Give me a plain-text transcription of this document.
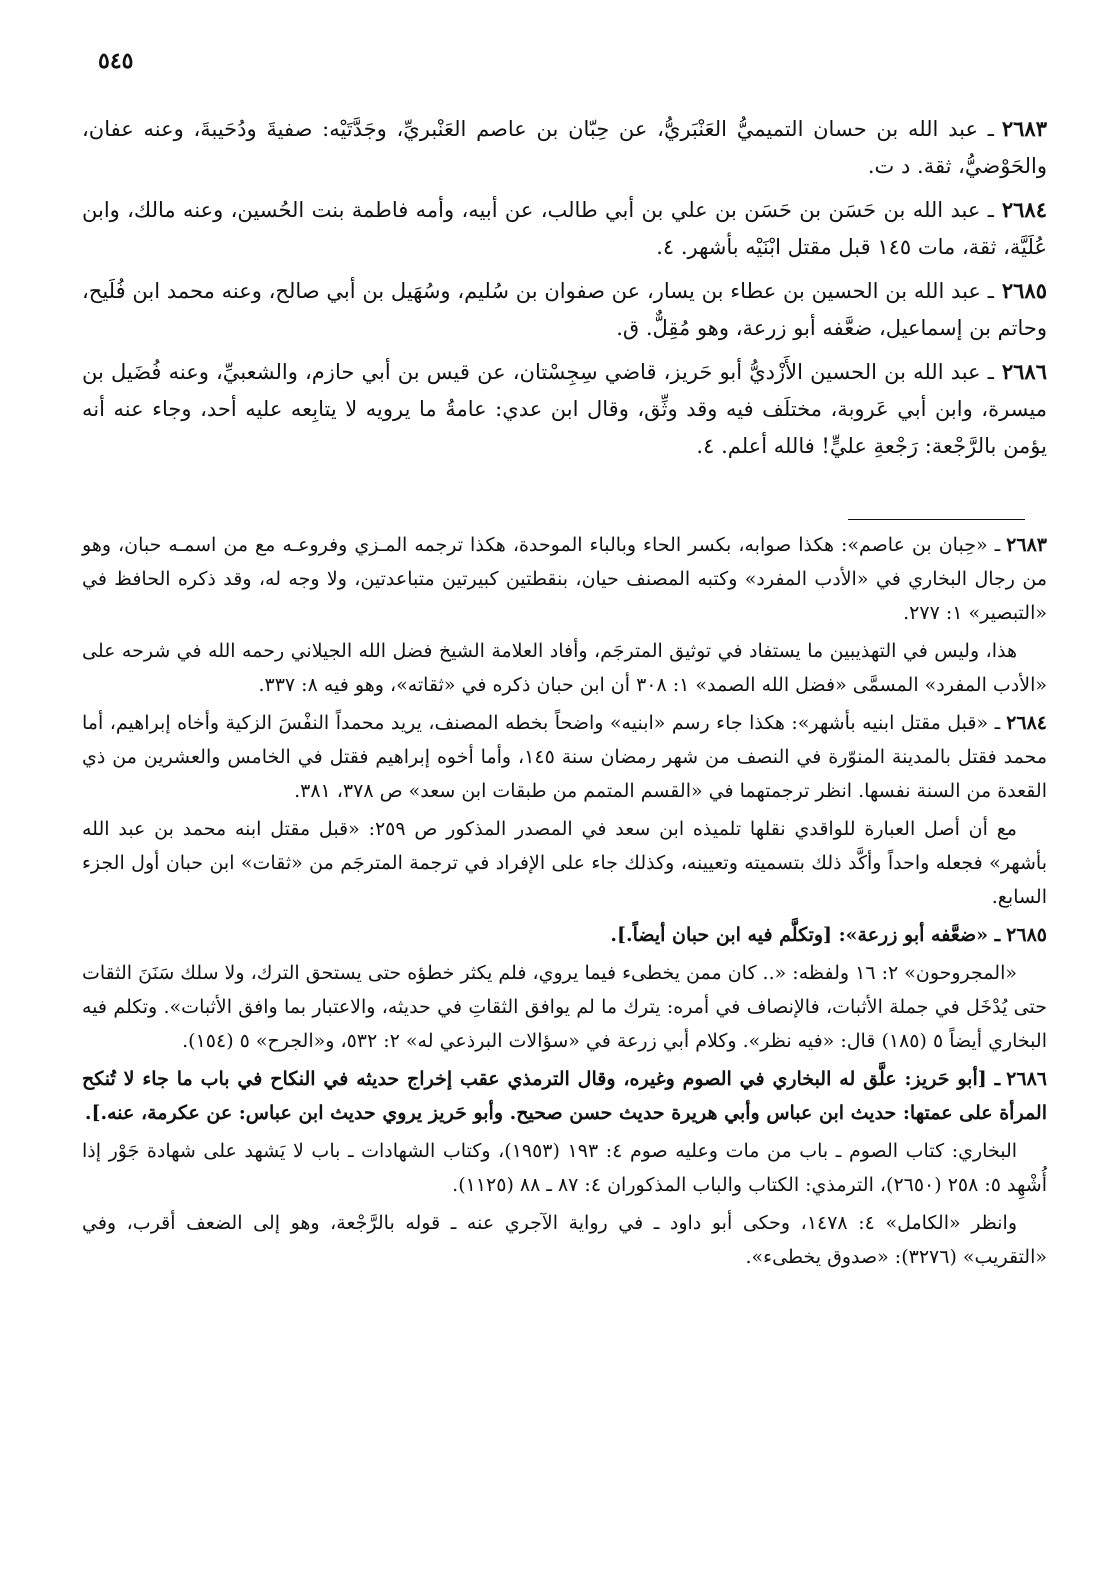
٥٤٥

٢٦٨٣ـ عبد الله بن حسان التميميُّ العَنْبَريُّ، عن حِبّان بن عاصم العَنْبريِّ، وجَدَّتَيْه: صفيةَ ودُحَيبةَ، وعنه عفان، والحَوْضيُّ، ثقة. د ت.

٢٦٨٤ـ عبد الله بن حَسَن بن حَسَن بن علي بن أبي طالب، عن أبيه، وأمه فاطمة بنت الحُسين، وعنه مالك، وابن عُلَيَّة، ثقة، مات ١٤٥ قبل مقتل ابْنَيْه بأشهر. ٤.

٢٦٨٥ـ عبد الله بن الحسين بن عطاء بن يسار، عن صفوان بن سُليم، وسُهَيل بن أبي صالح، وعنه محمد ابن فُلَيح، وحاتم بن إسماعيل، ضعَّفه أبو زرعة، وهو مُقِلٌّ. ق.

٢٦٨٦ـ عبد الله بن الحسين الأَزْديُّ أبو حَريز، قاضي سِجِسْتان، عن قيس بن أبي حازم، والشعبيِّ، وعنه فُضَيل بن ميسرة، وابن أبي عَروبة، مختلَف فيه وقد وثِّق، وقال ابن عدي: عامةُ ما يرويه لا يتابِعه عليه أحد، وجاء عنه أنه يؤمن بالرَّجْعة: رَجْعةِ عليٍّ! فالله أعلم. ٤.

٢٦٨٣ـ «حِبان بن عاصم»: هكذا صوابه، بكسر الحاء وبالباء الموحدة، هكذا ترجمه المـزي وفروعـه مع من اسمـه حبان، وهو من رجال البخاري في «الأدب المفرد» وكتبه المصنف حيان، بنقطتين كبيرتين متباعدتين، ولا وجه له، وقد ذكره الحافظ في «التبصير» ١: ٢٧٧.

هذا، وليس في التهذيبين ما يستفاد في توثيق المترجَم، وأفاد العلامة الشيخ فضل الله الجيلاني رحمه الله في شرحه على «الأدب المفرد» المسمَّى «فضل الله الصمد» ١: ٣٠٨ أن ابن حبان ذكره في «ثقاته»، وهو فيه ٨: ٣٣٧.

٢٦٨٤ـ «قبل مقتل ابنيه بأشهر»: هكذا جاء رسم «ابنيه» واضحاً بخطه المصنف، يريد محمداً النفْسَ الزكية وأخاه إبراهيم، أما محمد فقتل بالمدينة المنوّرة في النصف من شهر رمضان سنة ١٤٥، وأما أخوه إبراهيم فقتل في الخامس والعشرين من ذي القعدة من السنة نفسها. انظر ترجمتهما في «القسم المتمم من طبقات ابن سعد» ص ٣٧٨، ٣٨١.

مع أن أصل العبارة للواقدي نقلها تلميذه ابن سعد في المصدر المذكور ص ٢٥٩: «قبل مقتل ابنه محمد بن عبد الله بأشهر» فجعله واحداً وأكَّد ذلك بتسميته وتعيينه، وكذلك جاء على الإفراد في ترجمة المترجَم من «ثقات» ابن حبان أول الجزء السابع.

٢٦٨٥ـ «ضعَّفه أبو زرعة»: [وتكلَّم فيه ابن حبان أيضاً.].

«المجروحون» ٢: ١٦ ولفظه: «.. كان ممن يخطىء فيما يروي، فلم يكثر خطؤه حتى يستحق الترك، ولا سلك سَنَنَ الثقات حتى يُدْخَل في جملة الأثبات، فالإنصاف في أمره: يترك ما لم يوافق الثقاتِ في حديثه، والاعتبار بما وافق الأثبات». وتكلم فيه البخاري أيضاً ٥ (١٨٥) قال: «فيه نظر». وكلام أبي زرعة في «سؤالات البرذعي له» ٢: ٥٣٢، و«الجرح» ٥ (١٥٤).

٢٦٨٦ـ [أبو حَريز: علَّق له البخاري في الصوم وغيره، وقال الترمذي عقب إخراج حديثه في النكاح في باب ما جاء لا تُنكح المرأة على عمتها: حديث ابن عباس وأبي هريرة حديث حسن صحيح. وأبو حَريز يروي حديث ابن عباس: عن عكرمة، عنه.].

البخاري: كتاب الصوم ـ باب من مات وعليه صوم ٤: ١٩٣ (١٩٥٣)، وكتاب الشهادات ـ باب لا يَشهد على شهادة جَوْر إذا أُشْهِد ٥: ٢٥٨ (٢٦٥٠)، الترمذي: الكتاب والباب المذكوران ٤: ٨٧ ـ ٨٨ (١١٢٥).

وانظر «الكامل» ٤: ١٤٧٨، وحكى أبو داود ـ في رواية الآجري عنه ـ قوله بالرَّجْعة، وهو إلى الضعف أقرب، وفي «التقريب» (٣٢٧٦): «صدوق يخطىء».
